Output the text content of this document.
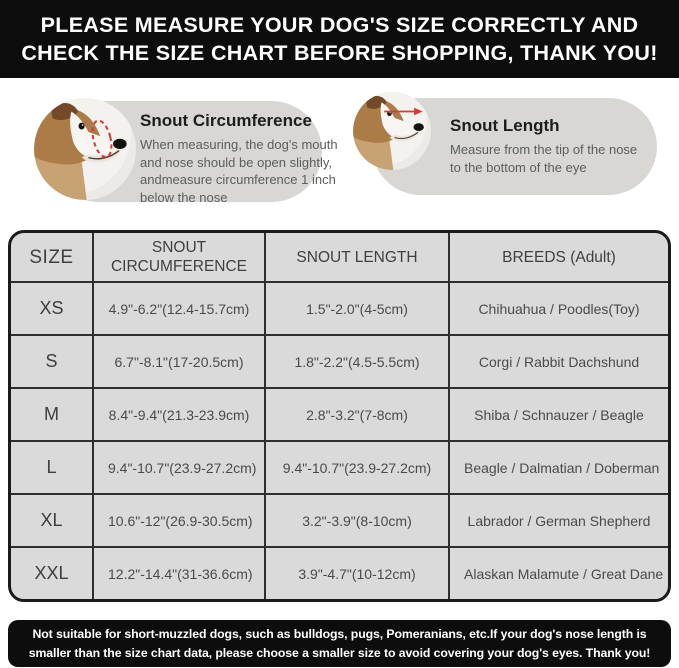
PLEASE MEASURE YOUR DOG'S SIZE CORRECTLY AND
CHECK THE SIZE CHART BEFORE SHOPPING, THANK YOU!
Snout Circumference
When measuring, the dog's mouth
and nose should be open slightly,
andmeasure circumference 1 inch
below the nose
Snout Length
Measure from the tip of the nose
to the bottom of the eye
SIZE	SNOUT CIRCUMFERENCE	SNOUT LENGTH	BREEDS (Adult)
XS	4.9"-6.2"(12.4-15.7cm)	1.5"-2.0"(4-5cm)	Chihuahua / Poodles(Toy)
S	6.7"-8.1"(17-20.5cm)	1.8"-2.2"(4.5-5.5cm)	Corgi / Rabbit Dachshund
M	8.4"-9.4"(21.3-23.9cm)	2.8"-3.2"(7-8cm)	Shiba / Schnauzer / Beagle
L	9.4"-10.7"(23.9-27.2cm)	9.4"-10.7"(23.9-27.2cm)	Beagle / Dalmatian / Doberman
XL	10.6"-12"(26.9-30.5cm)	3.2"-3.9"(8-10cm)	Labrador / German Shepherd
XXL	12.2"-14.4"(31-36.6cm)	3.9"-4.7"(10-12cm)	Alaskan Malamute / Great Dane
Not suitable for short-muzzled dogs, such as bulldogs, pugs, Pomeranians, etc.If your dog's nose length is
smaller than the size chart data, please choose a smaller size to avoid covering your dog's eyes. Thank you!
